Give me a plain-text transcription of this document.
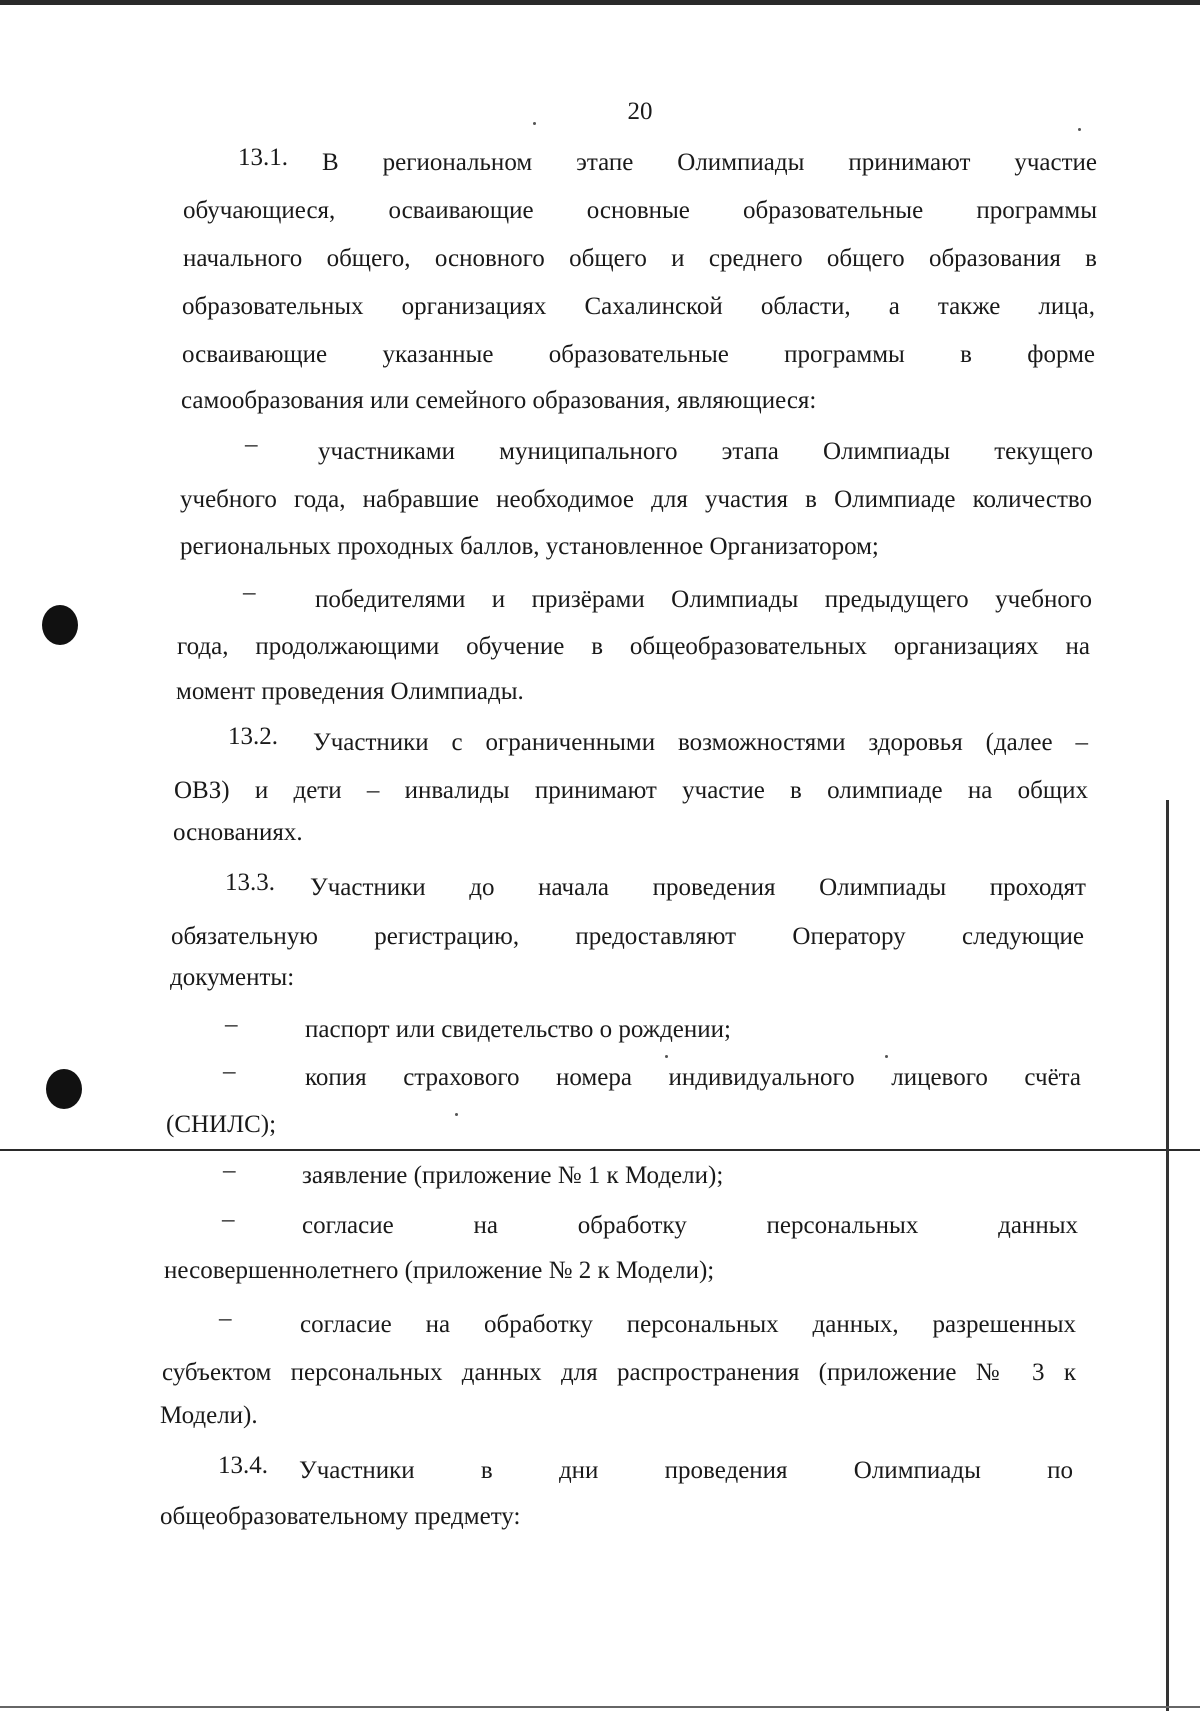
20
13.1. В региональном этапе Олимпиады принимают участие
обучающиеся, осваивающие основные образовательные программы
начального общего, основного общего и среднего общего образования в
образовательных организациях Сахалинской области, а также лица,
осваивающие указанные образовательные программы в форме
самообразования или семейного образования, являющиеся:
– участниками муниципального этапа Олимпиады текущего
учебного года, набравшие необходимое для участия в Олимпиаде количество
региональных проходных баллов, установленное Организатором;
– победителями и призёрами Олимпиады предыдущего учебного
года, продолжающими обучение в общеобразовательных организациях на
момент проведения Олимпиады.
13.2. Участники с ограниченными возможностями здоровья (далее –
ОВЗ) и дети – инвалиды принимают участие в олимпиаде на общих
основаниях.
13.3. Участники до начала проведения Олимпиады проходят
обязательную регистрацию, предоставляют Оператору следующие
документы:
–	паспорт или свидетельство о рождении;
–	копия страхового номера индивидуального лицевого счёта
(СНИЛС);
–	заявление (приложение № 1 к Модели);
–	согласие на обработку персональных данных
несовершеннолетнего (приложение № 2 к Модели);
–	согласие на обработку персональных данных, разрешенных
субъектом персональных данных для распространения (приложение № 3 к
Модели).
13.4. Участники в дни проведения Олимпиады по
общеобразовательному предмету:
